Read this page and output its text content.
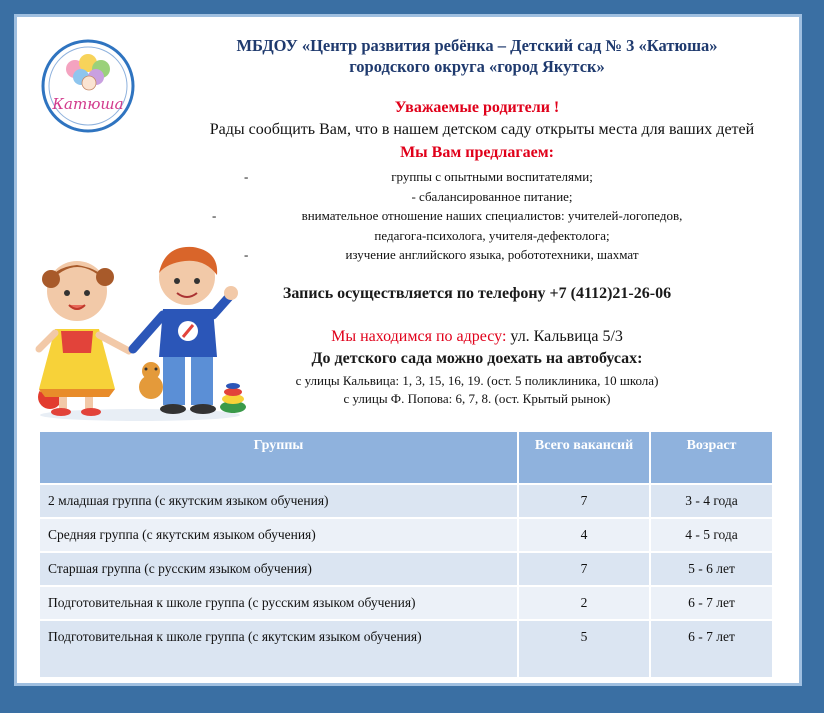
Катюша
МБДОУ «Центр развития ребёнка – Детский сад № 3 «Катюша»
городского округа «город Якутск»
Уважаемые родители !
Рады сообщить Вам, что в нашем детском саду открыты места для ваших детей
Мы Вам предлагаем:
-	группы с опытными воспитателями;
- сбалансированное питание;
-	внимательное отношение наших специалистов: учителей-логопедов,
педагога-психолога, учителя-дефектолога;
-	изучение английского языка, робототехники, шахмат
Запись осуществляется по телефону +7 (4112)21-26-06
Мы находимся по адресу: ул. Кальвица 5/3
До детского сада можно доехать на автобусах:
с улицы Кальвица: 1, 3, 15, 16, 19. (ост. 5 поликлиника, 10 школа)
с улицы Ф. Попова: 6, 7, 8. (ост. Крытый рынок)
Группы	Всего вакансий	Возраст
2 младшая группа (с якутским языком обучения)	7	3 - 4 года
Средняя группа (с якутским языком обучения)	4	4 - 5 года
Старшая группа (с русским языком обучения)	7	5 - 6 лет
Подготовительная к школе группа (с русским языком обучения)	2	6 - 7 лет
Подготовительная к школе группа (с якутским языком обучения)	5	6 - 7 лет
